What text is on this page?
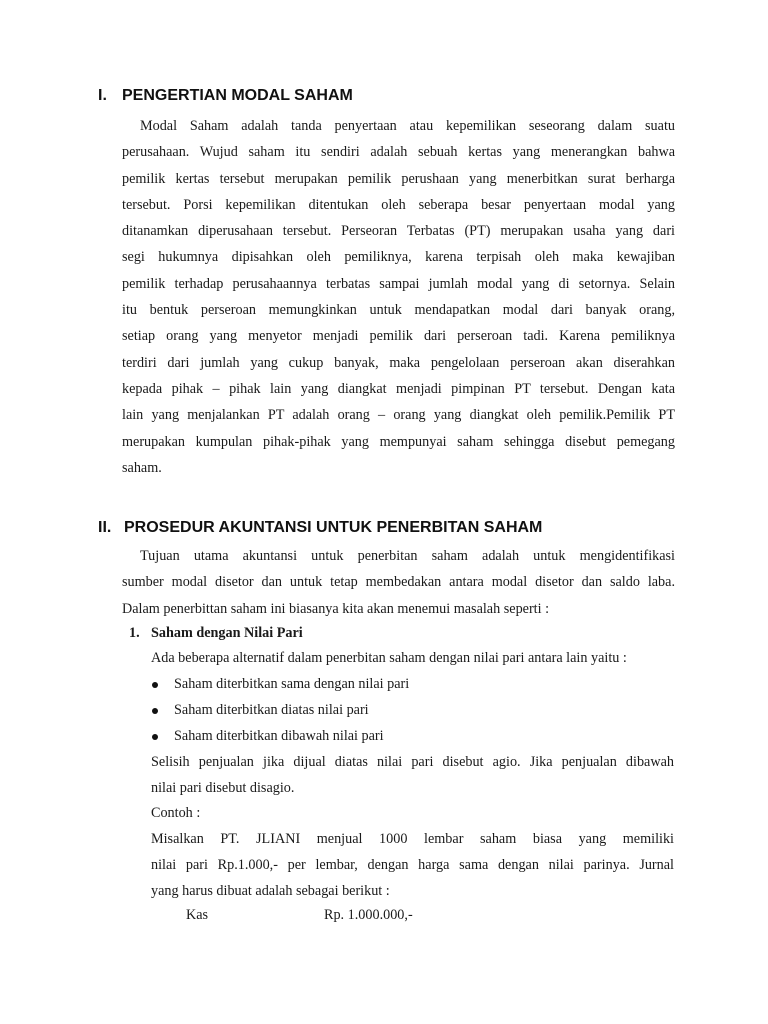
I. PENGERTIAN MODAL SAHAM
Modal Saham adalah tanda penyertaan atau kepemilikan seseorang dalam suatu
perusahaan. Wujud saham itu sendiri adalah sebuah kertas yang menerangkan bahwa
pemilik kertas tersebut merupakan pemilik perushaan yang menerbitkan surat berharga
tersebut. Porsi kepemilikan ditentukan oleh seberapa besar penyertaan modal yang
ditanamkan diperusahaan tersebut. Perseoran Terbatas (PT) merupakan usaha yang dari
segi hukumnya dipisahkan oleh pemiliknya, karena terpisah oleh maka kewajiban
pemilik terhadap perusahaannya terbatas sampai jumlah modal yang di setornya. Selain
itu bentuk perseroan memungkinkan untuk mendapatkan modal dari banyak orang,
setiap orang yang menyetor menjadi pemilik dari perseroan tadi. Karena pemiliknya
terdiri dari jumlah yang cukup banyak, maka pengelolaan perseroan akan diserahkan
kepada pihak – pihak lain yang diangkat menjadi pimpinan PT tersebut. Dengan kata
lain yang menjalankan PT adalah orang – orang yang diangkat oleh pemilik.Pemilik PT
merupakan kumpulan pihak-pihak yang mempunyai saham sehingga disebut pemegang
saham.
II. PROSEDUR AKUNTANSI UNTUK PENERBITAN SAHAM
Tujuan utama akuntansi untuk penerbitan saham adalah untuk mengidentifikasi
sumber modal disetor dan untuk tetap membedakan antara modal disetor dan saldo laba.
Dalam penerbittan saham ini biasanya kita akan menemui masalah seperti :
1. Saham dengan Nilai Pari
Ada beberapa alternatif dalam penerbitan saham dengan nilai pari antara lain yaitu :
Saham diterbitkan sama dengan nilai pari
Saham diterbitkan diatas nilai pari
Saham diterbitkan dibawah nilai pari
Selisih penjualan jika dijual diatas nilai pari disebut agio. Jika penjualan dibawah
nilai pari disebut disagio.
Contoh :
Misalkan PT. JLIANI menjual 1000 lembar saham biasa yang memiliki
nilai pari Rp.1.000,- per lembar, dengan harga sama dengan nilai parinya. Jurnal
yang harus dibuat adalah sebagai berikut :
Kas	Rp. 1.000.000,-
